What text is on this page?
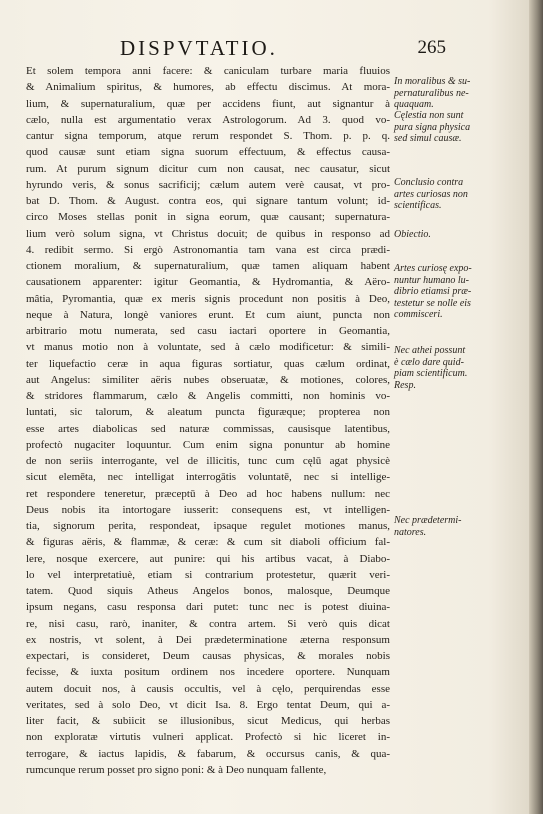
DISPVTATIO.	265
Et solem tempora anni facere: & caniculam turbare maria fluuios
& Animalium spiritus, & humores, ab effectu discimus. At mora-
lium, & supernaturalium, quæ per accidens fiunt, aut signantur à
cælo, nulla est argumentatio verax Astrologorum. Ad 3. quod vo-
cantur signa temporum, atque rerum respondet S. Thom. p. p. q.
quod causæ sunt etiam signa suorum effectuum, & effectus causa-
rum. At purum signum dicitur cum non causat, nec causatur, sicut
hyrundo veris, & sonus sacrificij; cælum autem verè causat, vt pro-
bat D. Thom. & August. contra eos, qui signare tantum volunt; id-
circo Moses stellas ponit in signa eorum, quæ causant; supernatura-
lium verò solum signa, vt Christus docuit; de quibus in responso ad
4. redibit sermo. Si ergò Astronomantia tam vana est circa prædi-
ctionem moralium, & supernaturalium, quæ tamen aliquam habent
causationem apparenter: igitur Geomantia, & Hydromantia, & Aëro-
mâtia, Pyromantia, quæ ex meris signis procedunt non positis à Deo,
neque à Natura, longè vaniores erunt. Et cum aiunt, puncta non
arbitrario motu numerata, sed casu iactari oportere in Geomantia,
vt manus motio non à voluntate, sed à cælo modificetur: & simili-
ter liquefactio ceræ in aqua figuras sortiatur, quas cælum ordinat,
aut Angelus: similiter aëris nubes obseruatæ, & motiones, colores,
& stridores flammarum, cælo & Angelis committi, non hominis vo-
luntati, sic talorum, & aleatum puncta figuræque; propterea non
esse artes diabolicas sed naturæ commissas, causisque latentibus,
profectò nugaciter loquuntur. Cum enim signa ponuntur ab homine
de non seriis interrogante, vel de illicitis, tunc cum cęlū agat physicè
sicut elemēta, nec intelligat interrogātis voluntatē, nec si intellige-
ret respondere teneretur, præceptū à Deo ad hoc habens nullum: nec
Deus nobis ita intortogare iusserit: consequens est, vt intelligen-
tia, signorum perita, respondeat, ipsaque regulet motiones manus,
& figuras aëris, & flammæ, & ceræ: & cum sit diaboli officium fal-
lere, nosque exercere, aut punire: qui his artibus vacat, à Diabo-
lo vel interpretatiuè, etiam si contrarium protestetur, quærit veri-
tatem. Quod siquis Atheus Angelos bonos, malosque, Deumque
ipsum negans, casu responsa dari putet: tunc nec is potest diuina-
re, nisi casu, rarò, inaniter, & contra artem. Si verò quis dicat
ex nostris, vt solent, à Dei prædeterminatione æterna responsum
expectari, is consideret, Deum causas physicas, & morales nobis
fecisse, & iuxta positum ordinem nos incedere oportere. Nunquam
autem docuit nos, à causis occultis, vel à cęlo, perquirendas esse
veritates, sed à solo Deo, vt dicit Isa. 8. Ergo tentat Deum, qui a-
liter facit, & subiicit se illusionibus, sicut Medicus, qui herbas
non exploratæ virtutis vulneri applicat. Profectò si hic liceret in-
terrogare, & iactus lapidis, & fabarum, & occursus canis, & qua-
rumcunque rerum posset pro signo poni: & à Deo nunquam fallente,
In moralibus & su-
pernaturalibus ne-
quaquam.
Cęlestia non sunt
pura signa physica
sed simul causæ.
Conclusio contra
artes curiosas non
scientificas.
Obiectio.
Artes curiosę expo-
nuntur humano lu-
dibrio etiamsi præ-
testetur se nolle eis
commisceri.
Nec athei possunt
è cælo dare quid-
piam scientificum.
Resp.
Nec prædetermi-
natores.
